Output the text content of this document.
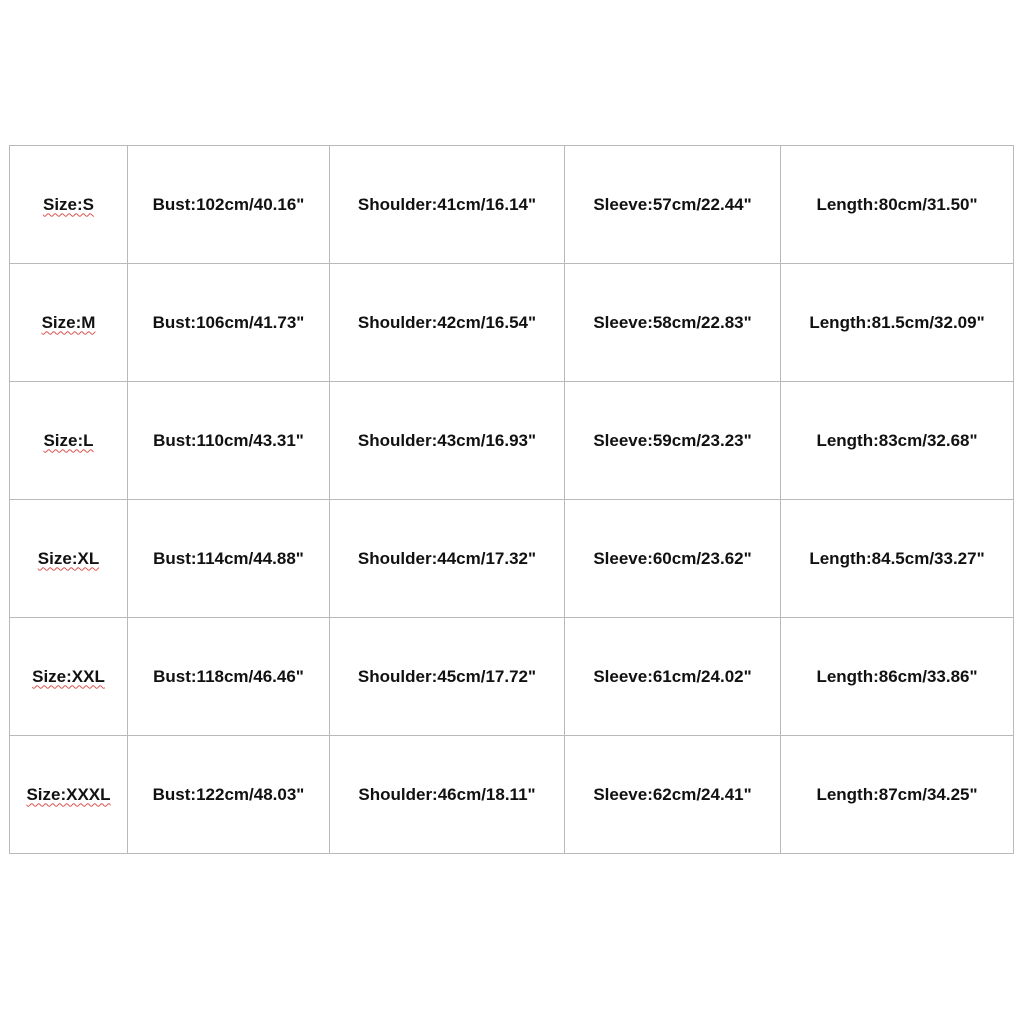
Size:S	Bust:102cm/40.16"	Shoulder:41cm/16.14"	Sleeve:57cm/22.44"	Length:80cm/31.50"
Size:M	Bust:106cm/41.73"	Shoulder:42cm/16.54"	Sleeve:58cm/22.83"	Length:81.5cm/32.09"
Size:L	Bust:110cm/43.31"	Shoulder:43cm/16.93"	Sleeve:59cm/23.23"	Length:83cm/32.68"
Size:XL	Bust:114cm/44.88"	Shoulder:44cm/17.32"	Sleeve:60cm/23.62"	Length:84.5cm/33.27"
Size:XXL	Bust:118cm/46.46"	Shoulder:45cm/17.72"	Sleeve:61cm/24.02"	Length:86cm/33.86"
Size:XXXL	Bust:122cm/48.03"	Shoulder:46cm/18.11"	Sleeve:62cm/24.41"	Length:87cm/34.25"
